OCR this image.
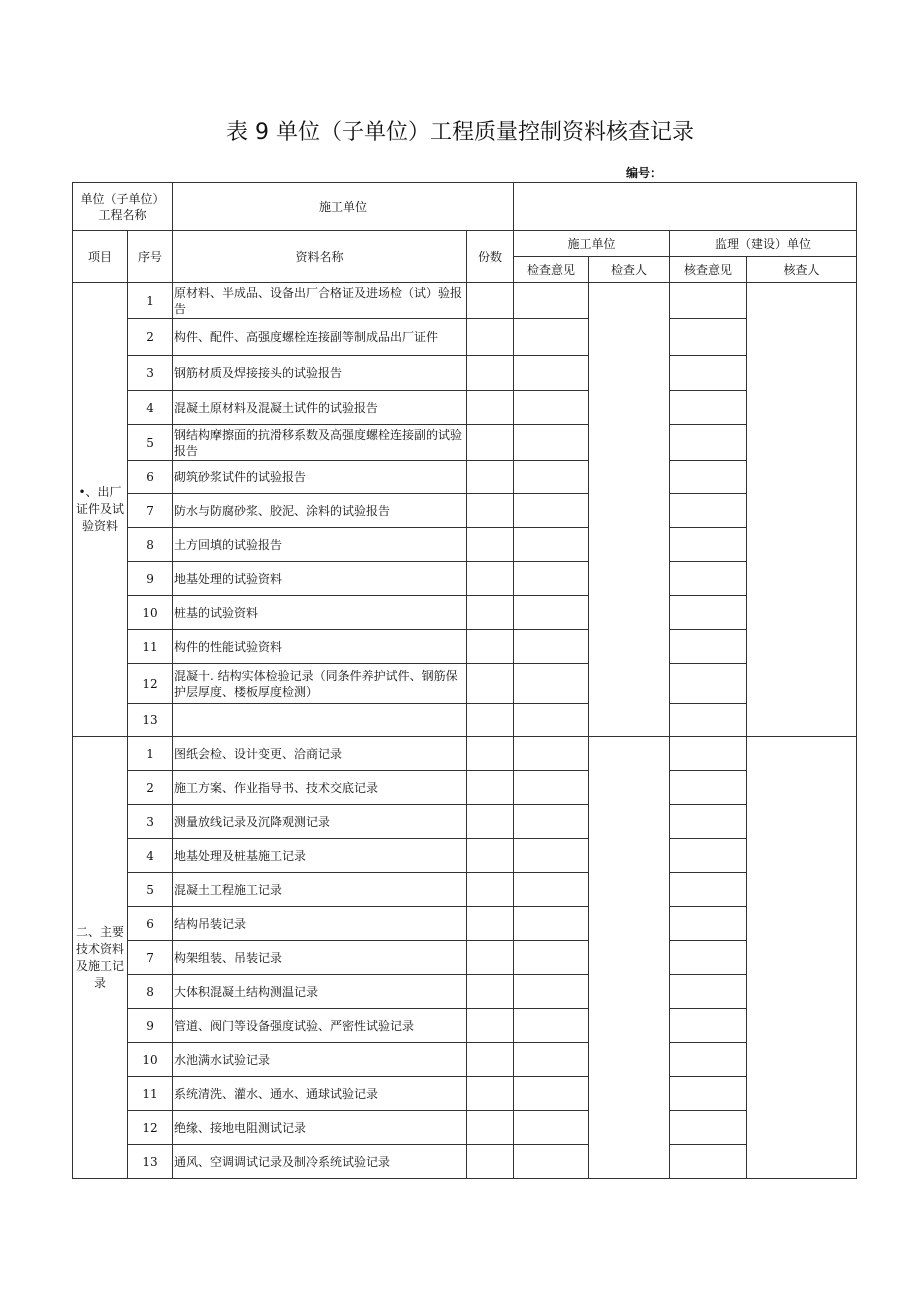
表 9 单位（子单位）工程质量控制资料核查记录
编号：
单位（子单位）工程名称		施工单位					
项目	序号	资料名称	份数	施工单位		监理（建设）单位	
				检查意见	检查人	核查意见	核查人
•、出厂证件及试验资料	1	原材料、半成品、设备出厂合格证及进场检（试）验报告					
	2	构件、配件、高强度螺栓连接副等制成品出厂证件					
	3	钢筋材质及焊接接头的试验报告					
	4	混凝土原材料及混凝土试件的试验报告					
	5	钢结构摩擦面的抗滑移系数及高强度螺栓连接副的试验报告					
	6	砌筑砂浆试件的试验报告					
	7	防水与防腐砂浆、胶泥、涂料的试验报告					
	8	土方回填的试验报告					
	9	地基处理的试验资料					
	10	桩基的试验资料					
	11	构件的性能试验资料					
	12	混凝十. 结构实体检验记录（同条件养护试件、钢筋保护层厚度、楼板厚度检测）					
	13						
二、主要技术资料及施工记录	1	图纸会检、设计变更、洽商记录					
	2	施工方案、作业指导书、技术交底记录					
	3	测量放线记录及沉降观测记录					
	4	地基处理及桩基施工记录					
	5	混凝土工程施工记录					
	6	结构吊装记录					
	7	构架组装、吊装记录					
	8	大体积混凝土结构测温记录					
	9	管道、阀门等设备强度试验、严密性试验记录					
	10	水池满水试验记录					
	11	系统清洗、灌水、通水、通球试验记录					
	12	绝缘、接地电阻测试记录					
	13	通风、空调调试记录及制冷系统试验记录					
